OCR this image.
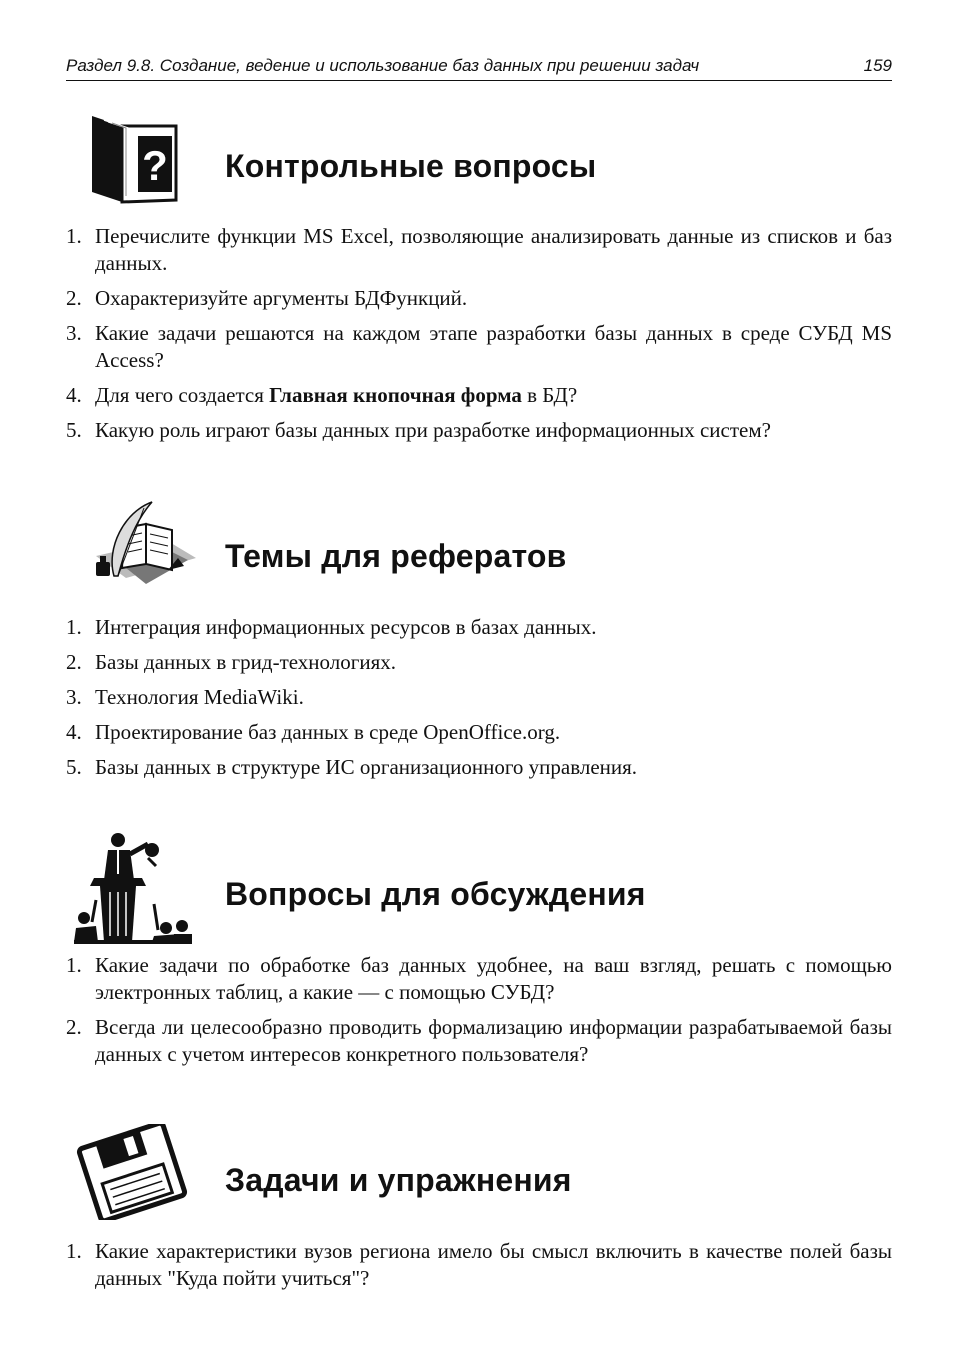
Раздел 9.8. Создание, ведение и использование баз данных при решении задач	159
? Контрольные вопросы
1. Перечислите функции MS Excel, позволяющие анализировать данные из списков и баз данных.
2. Охарактеризуйте аргументы БДФункций.
3. Какие задачи решаются на каждом этапе разработки базы данных в среде СУБД MS Access?
4. Для чего создается Главная кнопочная форма в БД?
5. Какую роль играют базы данных при разработке информационных систем?
Темы для рефератов
1. Интеграция информационных ресурсов в базах данных.
2. Базы данных в грид-технологиях.
3. Технология MediaWiki.
4. Проектирование баз данных в среде OpenOffice.org.
5. Базы данных в структуре ИС организационного управления.
Вопросы для обсуждения
1. Какие задачи по обработке баз данных удобнее, на ваш взгляд, решать с помощью электронных таблиц, а какие — с помощью СУБД?
2. Всегда ли целесообразно проводить формализацию информации разрабатываемой базы данных с учетом интересов конкретного пользователя?
Задачи и упражнения
1. Какие характеристики вузов региона имело бы смысл включить в качестве полей базы данных "Куда пойти учиться"?
